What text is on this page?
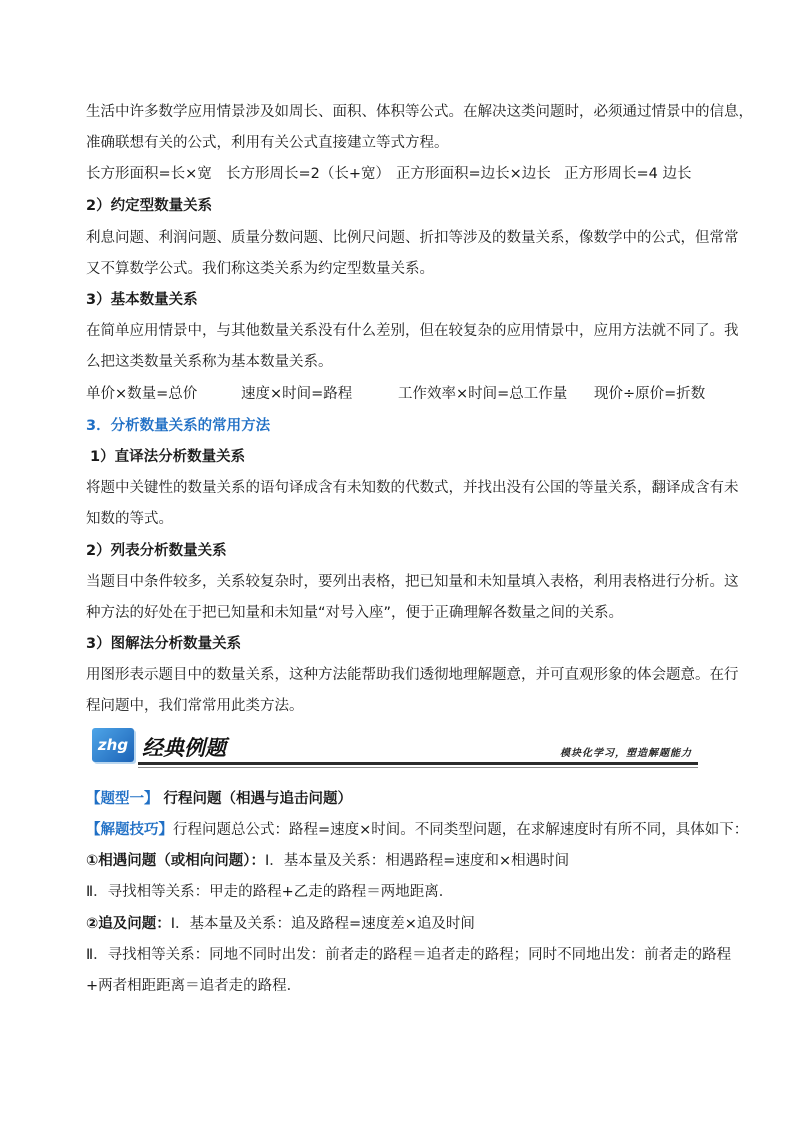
生活中许多数学应用情景涉及如周长、面积、体积等公式。在解决这类问题时，必须通过情景中的信息，
准确联想有关的公式，利用有关公式直接建立等式方程。
长方形面积=长×宽 长方形周长=2（长+宽） 正方形面积=边长×边长 正方形周长=4 边长
2）约定型数量关系
利息问题、利润问题、质量分数问题、比例尺问题、折扣等涉及的数量关系，像数学中的公式，但常常
又不算数学公式。我们称这类关系为约定型数量关系。
3）基本数量关系
在简单应用情景中，与其他数量关系没有什么差别，但在较复杂的应用情景中，应用方法就不同了。我
么把这类数量关系称为基本数量关系。
单价×数量=总价	速度×时间=路程	工作效率×时间=总工作量 现价÷原价=折数
3．分析数量关系的常用方法
1）直译法分析数量关系
将题中关键性的数量关系的语句译成含有未知数的代数式，并找出没有公国的等量关系，翻译成含有未
知数的等式。
2）列表分析数量关系
当题目中条件较多，关系较复杂时，要列出表格，把已知量和未知量填入表格，利用表格进行分析。这
种方法的好处在于把已知量和未知量“对号入座”，便于正确理解各数量之间的关系。
3）图解法分析数量关系
用图形表示题目中的数量关系，这种方法能帮助我们透彻地理解题意，并可直观形象的体会题意。在行
程问题中，我们常常用此类方法。
zhg 经典例题	模块化学习，塑造解题能力
【题型一】 行程问题（相遇与追击问题）
【解题技巧】行程问题总公式：路程=速度×时间。不同类型问题，在求解速度时有所不同，具体如下：
①相遇问题（或相向问题）：Ⅰ．基本量及关系：相遇路程=速度和×相遇时间
Ⅱ．寻找相等关系：甲走的路程+乙走的路程＝两地距离．
②追及问题：Ⅰ．基本量及关系：追及路程=速度差×追及时间
Ⅱ．寻找相等关系：同地不同时出发：前者走的路程＝追者走的路程；同时不同地出发：前者走的路程
+两者相距距离＝追者走的路程．
